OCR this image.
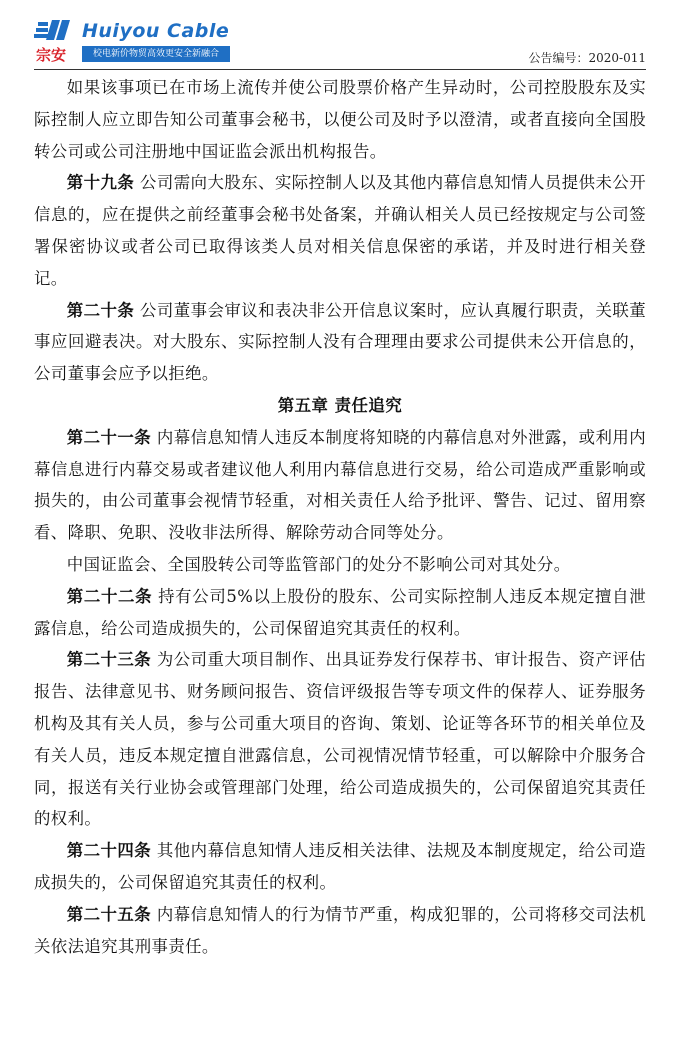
宗安
Huiyou Cable
校电新价物贸高效更安全新融合	公告编号：2020-011

如果该事项已在市场上流传并使公司股票价格产生异动时，公司控股股东及实际控制人应立即告知公司董事会秘书，以便公司及时予以澄清，或者直接向全国股转公司或公司注册地中国证监会派出机构报告。

第十九条 公司需向大股东、实际控制人以及其他内幕信息知情人员提供未公开信息的，应在提供之前经董事会秘书处备案，并确认相关人员已经按规定与公司签署保密协议或者公司已取得该类人员对相关信息保密的承诺，并及时进行相关登记。

第二十条 公司董事会审议和表决非公开信息议案时，应认真履行职责，关联董事应回避表决。对大股东、实际控制人没有合理理由要求公司提供未公开信息的，公司董事会应予以拒绝。

第五章 责任追究

第二十一条 内幕信息知情人违反本制度将知晓的内幕信息对外泄露，或利用内幕信息进行内幕交易或者建议他人利用内幕信息进行交易，给公司造成严重影响或损失的，由公司董事会视情节轻重，对相关责任人给予批评、警告、记过、留用察看、降职、免职、没收非法所得、解除劳动合同等处分。

中国证监会、全国股转公司等监管部门的处分不影响公司对其处分。

第二十二条 持有公司5%以上股份的股东、公司实际控制人违反本规定擅自泄露信息，给公司造成损失的，公司保留追究其责任的权利。

第二十三条 为公司重大项目制作、出具证券发行保荐书、审计报告、资产评估报告、法律意见书、财务顾问报告、资信评级报告等专项文件的保荐人、证券服务机构及其有关人员，参与公司重大项目的咨询、策划、论证等各环节的相关单位及有关人员，违反本规定擅自泄露信息，公司视情况情节轻重，可以解除中介服务合同，报送有关行业协会或管理部门处理，给公司造成损失的，公司保留追究其责任的权利。

第二十四条 其他内幕信息知情人违反相关法律、法规及本制度规定，给公司造成损失的，公司保留追究其责任的权利。

第二十五条 内幕信息知情人的行为情节严重，构成犯罪的，公司将移交司法机关依法追究其刑事责任。
